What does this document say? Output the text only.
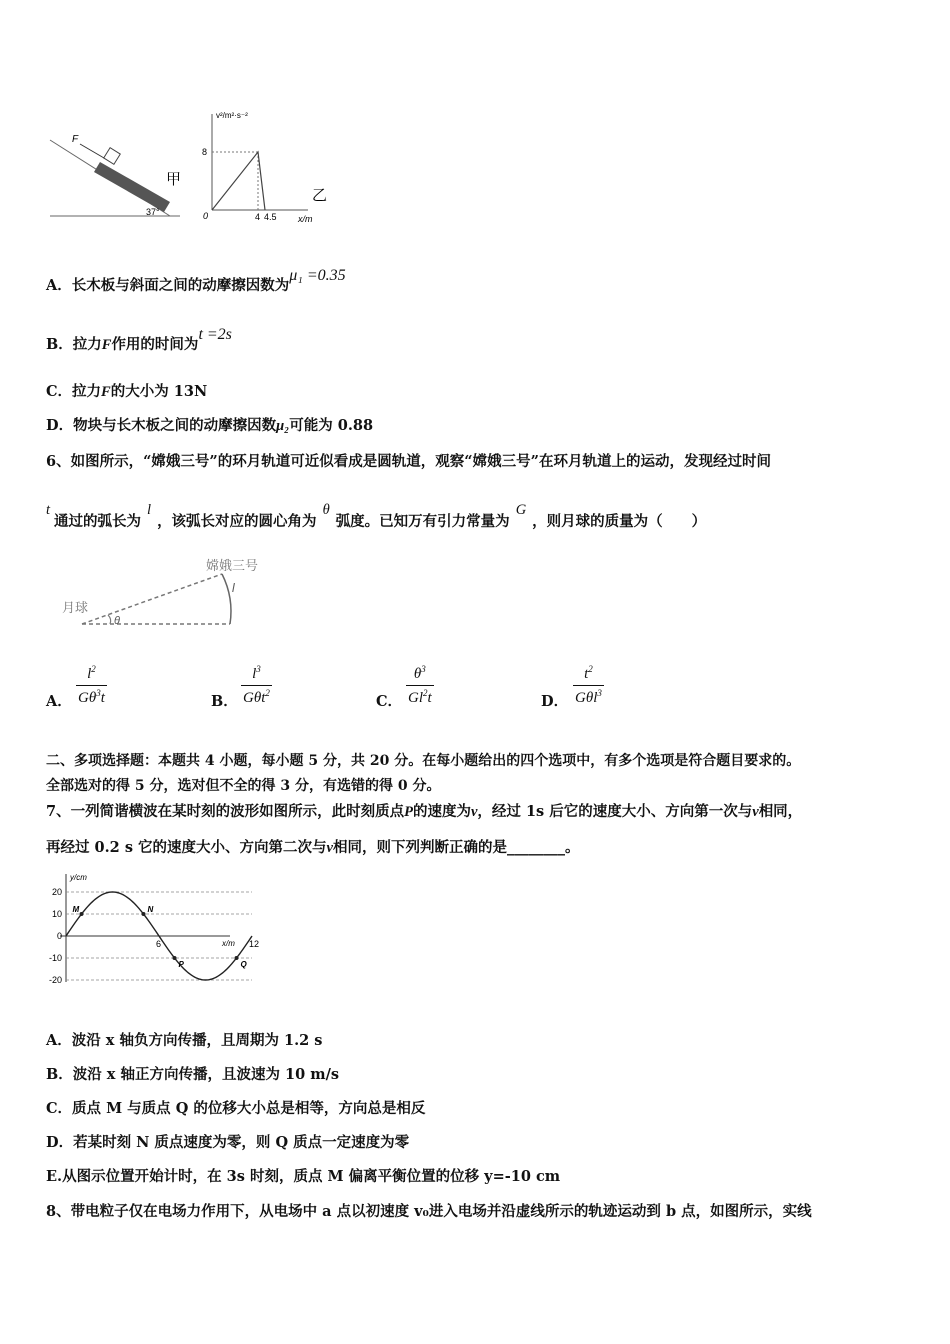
F
甲
37°
v²/m²·s⁻²
8
0	4 4.5 x/m
乙
A．长木板与斜面之间的动摩擦因数为μ₁ =0.35
B．拉力F作用的时间为t =2s
C．拉力F的大小为 13N
D．物块与长木板之间的动摩擦因数μ₂可能为 0.88
6、如图所示，“嫦娥三号”的环月轨道可近似看成是圆轨道，观察“嫦娥三号”在环月轨道上的运动，发现经过时间
t通过的弧长为l，该弧长对应的圆心角为θ弧度。已知万有引力常量为G，则月球的质量为（　　）
月球
嫦娥三号
l
θ
A． $\frac{l^2}{G\theta^3t}$	B．
$l^3$
Gθt$^2$	C． $\frac{\theta^3}{Gl^2t}$	D．
$t^2$
Gθl$^3$
二、多项选择题：本题共 4 小题，每小题 5 分，共 20 分。在每小题给出的四个选项中，有多个选项是符合题目要求的。
全部选对的得 5 分，选对但不全的得 3 分，有选错的得 0 分。
7、一列简谐横波在某时刻的波形如图所示，此时刻质点P的速度为v，经过 1s 后它的速度大小、方向第一次与v相同，
再经过 0.2 s 它的速度大小、方向第二次与v相同，则下列判断正确的是________。
y/cm
x/m
20
10
0
-10
-20
6	12
M	N
P	Q
A．波沿 x 轴负方向传播，且周期为 1.2 s
B．波沿 x 轴正方向传播，且波速为 10 m/s
C．质点 M 与质点 Q 的位移大小总是相等，方向总是相反
D．若某时刻 N 质点速度为零，则 Q 质点一定速度为零
E.从图示位置开始计时，在 3s 时刻，质点 M 偏离平衡位置的位移 y=-10 cm
8、带电粒子仅在电场力作用下，从电场中 a 点以初速度 v₀进入电场并沿虚线所示的轨迹运动到 b 点，如图所示，实线
